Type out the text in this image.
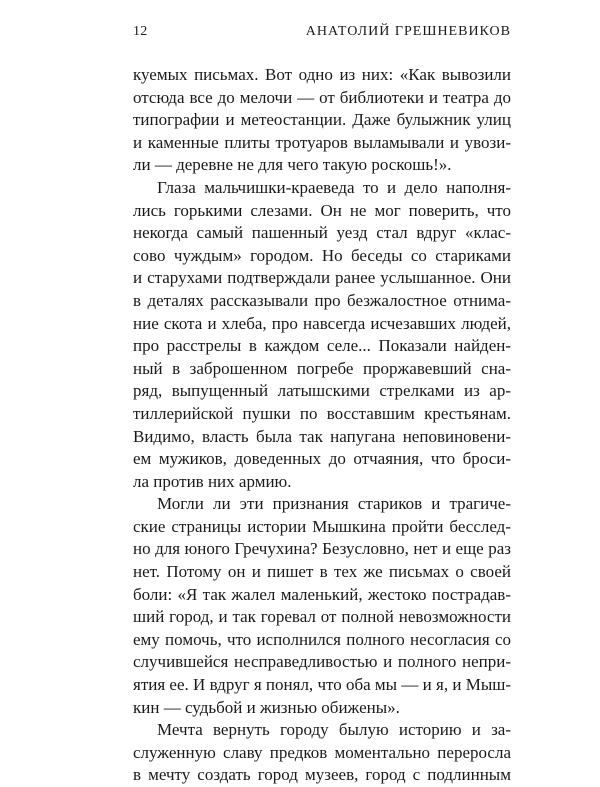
12	АНАТОЛИЙ ГРЕШНЕВИКОВ
куемых письмах. Вот одно из них: «Как вывозили
отсюда все до мелочи — от библиотеки и театра до
типографии и метеостанции. Даже булыжник улиц
и каменные плиты тротуаров выламывали и увози-
ли — деревне не для чего такую роскошь!».
Глаза мальчишки-краеведа то и дело наполня-
лись горькими слезами. Он не мог поверить, что
некогда самый пашенный уезд стал вдруг «клас-
сово чуждым» городом. Но беседы со стариками
и старухами подтверждали ранее услышанное. Они
в деталях рассказывали про безжалостное отнима-
ние скота и хлеба, про навсегда исчезавших людей,
про расстрелы в каждом селе... Показали найден-
ный в заброшенном погребе проржавевший сна-
ряд, выпущенный латышскими стрелками из ар-
тиллерийской пушки по восставшим крестьянам.
Видимо, власть была так напугана неповиновени-
ем мужиков, доведенных до отчаяния, что броси-
ла против них армию.
Могли ли эти признания стариков и трагиче-
ские страницы истории Мышкина пройти бесслед-
но для юного Гречухина? Безусловно, нет и еще раз
нет. Потому он и пишет в тех же письмах о своей
боли: «Я так жалел маленький, жестоко пострадав-
ший город, и так горевал от полной невозможности
ему помочь, что исполнился полного несогласия со
случившейся несправедливостью и полного непри-
ятия ее. И вдруг я понял, что оба мы — и я, и Мыш-
кин — судьбой и жизнью обижены».
Мечта вернуть городу былую историю и за-
служенную славу предков моментально переросла
в мечту создать город музеев, город с подлинным
